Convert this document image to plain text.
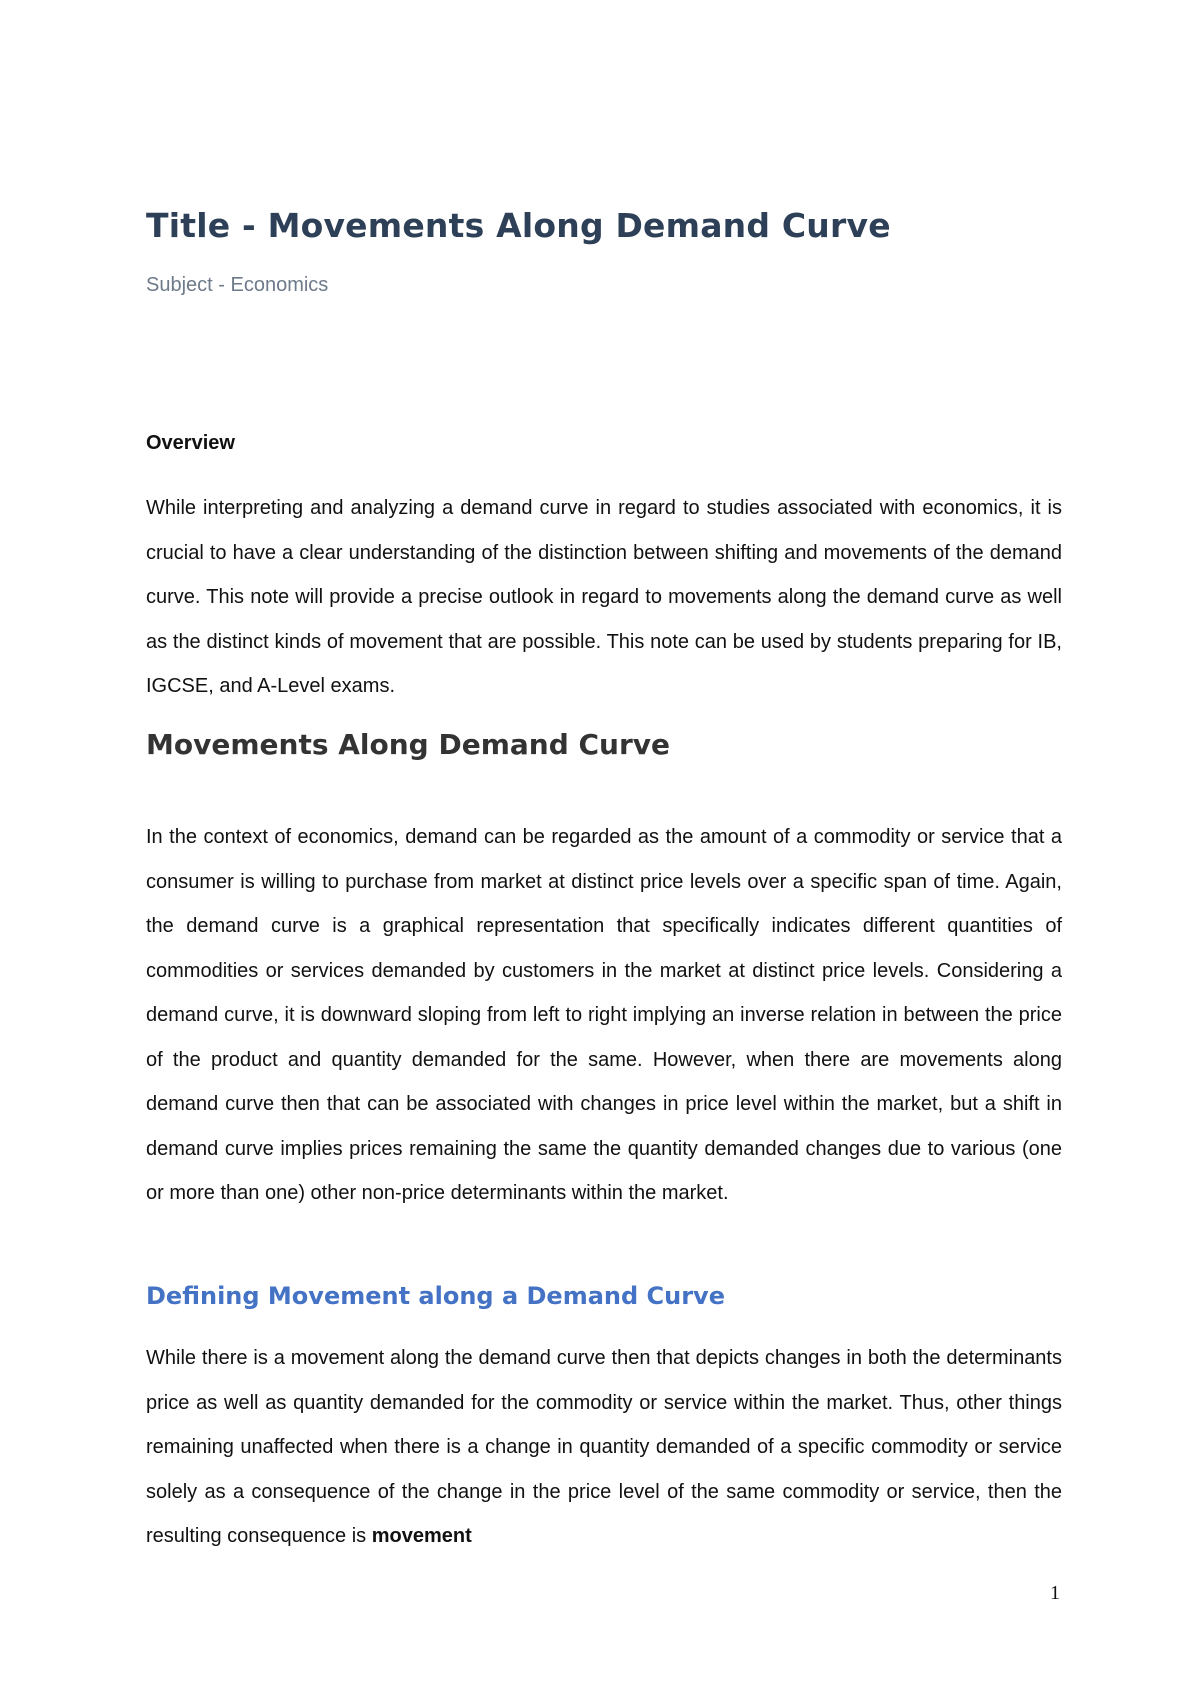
Title - Movements Along Demand Curve
Subject - Economics
Overview

While interpreting and analyzing a demand curve in regard to studies associated with economics, it is crucial to have a clear understanding of the distinction between shifting and movements of the demand curve. This note will provide a precise outlook in regard to movements along the demand curve as well as the distinct kinds of movement that are possible. This note can be used by students preparing for IB, IGCSE, and A-Level exams.

Movements Along Demand Curve

In the context of economics, demand can be regarded as the amount of a commodity or service that a consumer is willing to purchase from market at distinct price levels over a specific span of time. Again, the demand curve is a graphical representation that specifically indicates different quantities of commodities or services demanded by customers in the market at distinct price levels. Considering a demand curve, it is downward sloping from left to right implying an inverse relation in between the price of the product and quantity demanded for the same. However, when there are movements along demand curve then that can be associated with changes in price level within the market, but a shift in demand curve implies prices remaining the same the quantity demanded changes due to various (one or more than one) other non-price determinants within the market.

Defining Movement along a Demand Curve

While there is a movement along the demand curve then that depicts changes in both the determinants price as well as quantity demanded for the commodity or service within the market. Thus, other things remaining unaffected when there is a change in quantity demanded of a specific commodity or service solely as a consequence of the change in the price level of the same commodity or service, then the resulting consequence is movement

1
